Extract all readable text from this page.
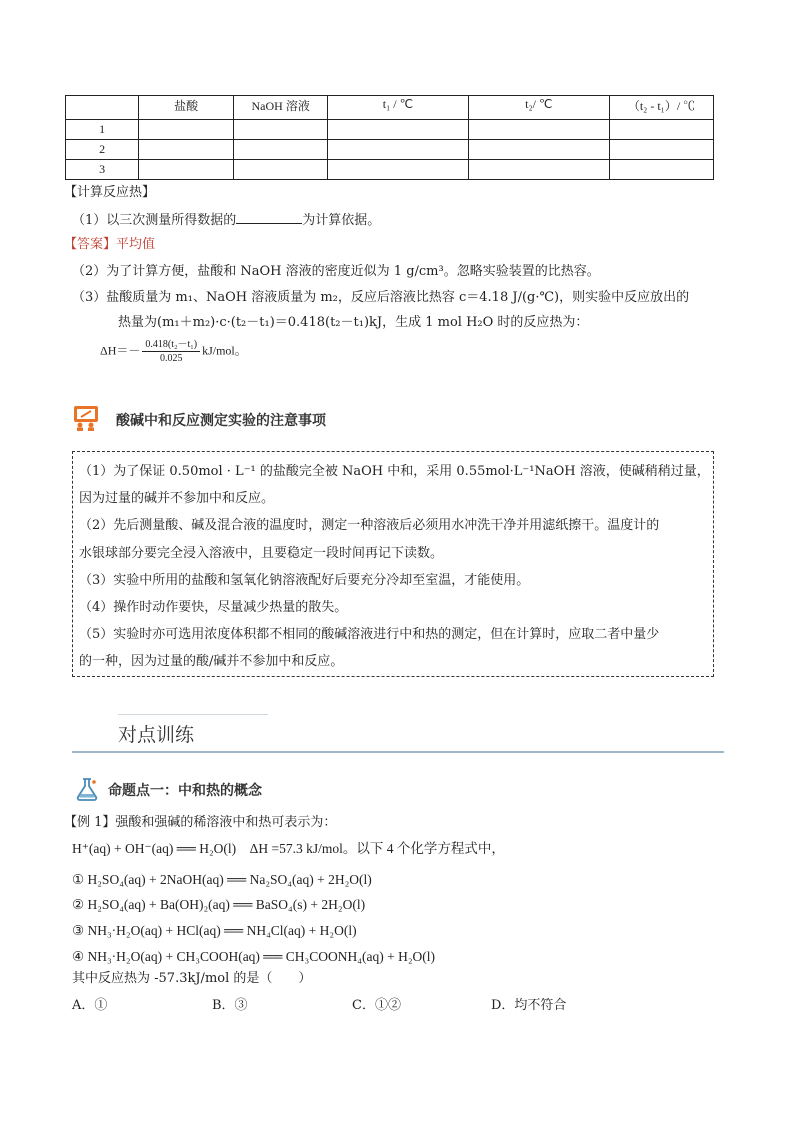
	盐酸	NaOH 溶液	t₁ / ℃	t₂/ ℃	（t₂ - t₁）/ ℃
1					
2					
3					
【计算反应热】
（1）以三次测量所得数据的	为计算依据。
【答案】平均值
（2）为了计算方便，盐酸和 NaOH 溶液的密度近似为 1 g/cm³。忽略实验装置的比热容。
（3）盐酸质量为 m₁、NaOH 溶液质量为 m₂，反应后溶液比热容 c＝4.18 J/(g·℃)，则实验中反应放出的
热量为(m₁＋m₂)·c·(t₂－t₁)＝0.418(t₂－t₁)kJ，生成 1 mol H₂O 时的反应热为：
$\Delta H=- \frac{\text{0.418(t₂－t₁)}}{0.025} kJ/mol$。
酸碱中和反应测定实验的注意事项

（1）为了保证 0.50mol · L⁻¹ 的盐酸完全被 NaOH 中和，采用 0.55mol·L⁻¹NaOH 溶液，使碱稍稍过量，

因为过量的碱并不参加中和反应。

（2）先后测量酸、碱及混合液的温度时，测定一种溶液后必须用水冲洗干净并用滤纸擦干。温度计的

水银球部分要完全浸入溶液中，且要稳定一段时间再记下读数。

（3）实验中所用的盐酸和氢氧化钠溶液配好后要充分冷却至室温，才能使用。

（4）操作时动作要快，尽量减少热量的散失。

（5）实验时亦可选用浓度体积都不相同的酸碱溶液进行中和热的测定，但在计算时，应取二者中量少

的一种，因为过量的酸/碱并不参加中和反应。

对点训练
命题点一：中和热的概念
【例 1】强酸和强碱的稀溶液中和热可表示为：
H⁺(aq) + OH⁻(aq) ══ H₂O(l)　ΔH =57.3 kJ/mol。以下 4 个化学方程式中，
① H₂SO₄(aq) + 2NaOH(aq) ══ Na₂SO₄(aq) + 2H₂O(l)
② H₂SO₄(aq) + Ba(OH)₂(aq) ══ BaSO₄(s) + 2H₂O(l)
③ NH₃·H₂O(aq) + HCl(aq) ══ NH₄Cl(aq) + H₂O(l)
④ NH₃·H₂O(aq) + CH₃COOH(aq) ══ CH₃COONH₄(aq) + H₂O(l)
其中反应热为 -57.3kJ/mol 的是（　　）
A．①	B．③	C．①②	D．均不符合
